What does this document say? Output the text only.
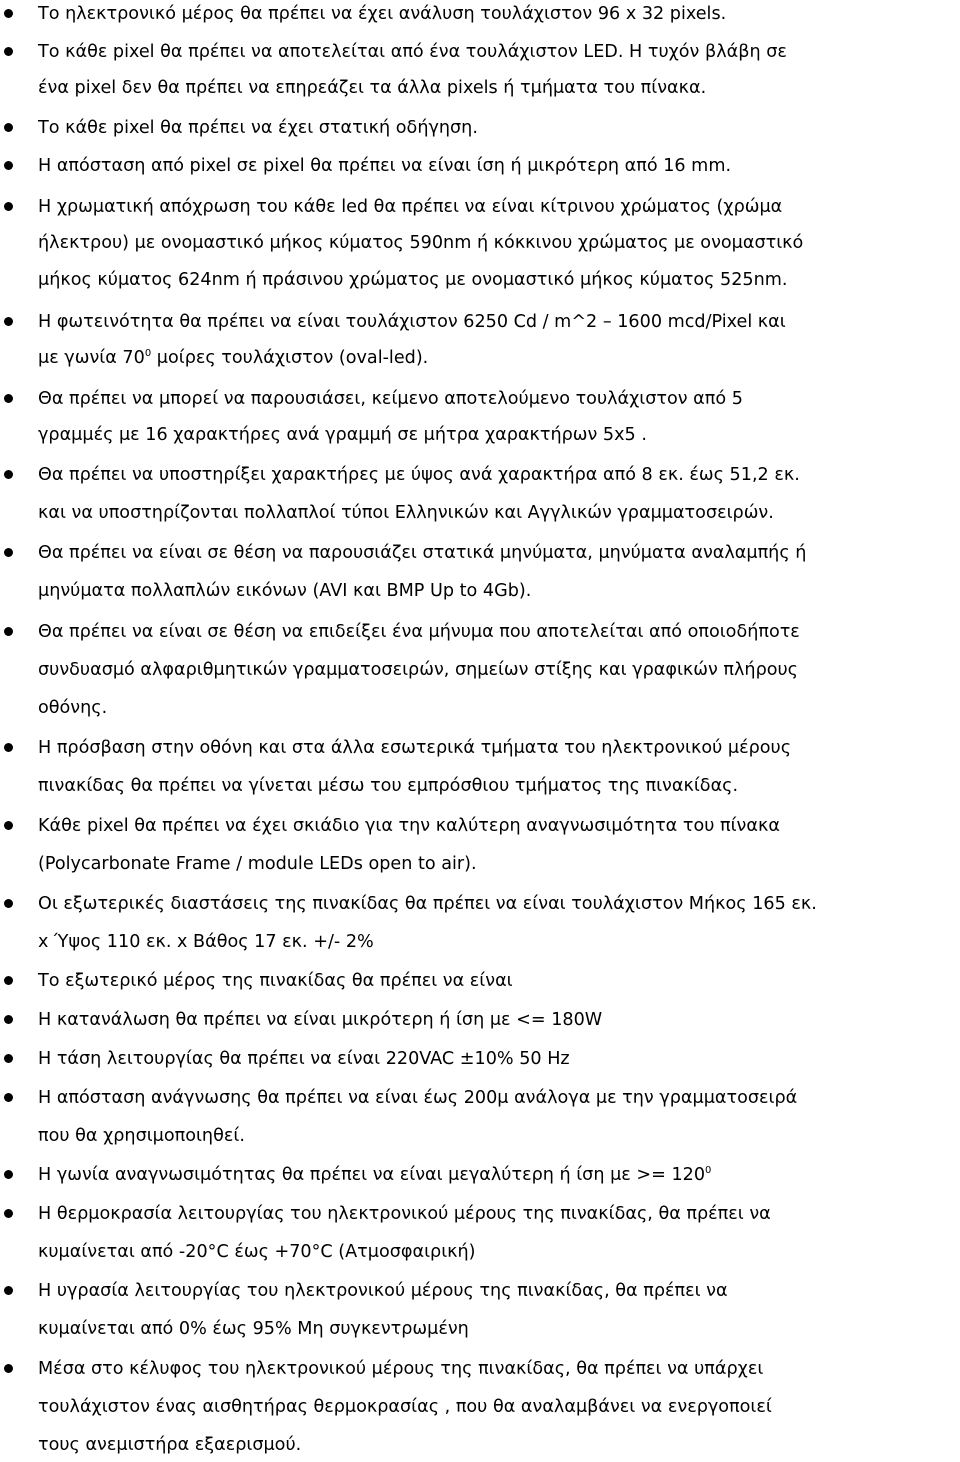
Το ηλεκτρονικό μέρος θα πρέπει να έχει ανάλυση τουλάχιστον 96 x 32 pixels.
Το κάθε pixel θα πρέπει να αποτελείται από ένα τουλάχιστον LED. Η τυχόν βλάβη σε
ένα pixel δεν θα πρέπει να επηρεάζει τα άλλα pixels ή τμήματα του πίνακα.
Το κάθε pixel θα πρέπει να έχει στατική οδήγηση.
Η απόσταση από pixel σε pixel θα πρέπει να είναι ίση ή μικρότερη από 16 mm.
Η χρωματική απόχρωση του κάθε led θα πρέπει να είναι κίτρινου χρώματος (χρώμα
ήλεκτρου) με ονομαστικό μήκος κύματος 590nm ή κόκκινου χρώματος με ονομαστικό
μήκος κύματος 624nm ή πράσινου χρώματος με ονομαστικό μήκος κύματος 525nm.
Η φωτεινότητα θα πρέπει να είναι τουλάχιστον 6250 Cd / m^2 – 1600 mcd/Pixel και
με γωνία $70^0$ μοίρες τουλάχιστον (oval-led).
Θα πρέπει να μπορεί να παρουσιάσει, κείμενο αποτελούμενο τουλάχιστον από 5
γραμμές με 16 χαρακτήρες ανά γραμμή σε μήτρα χαρακτήρων 5x5 .
Θα πρέπει να υποστηρίξει χαρακτήρες με ύψος ανά χαρακτήρα από 8 εκ. έως 51,2 εκ.
και να υποστηρίζονται πολλαπλοί τύποι Ελληνικών και Αγγλικών γραμματοσειρών.
Θα πρέπει να είναι σε θέση να παρουσιάζει στατικά μηνύματα, μηνύματα αναλαμπής ή
μηνύματα πολλαπλών εικόνων (AVI και BMP Up to 4Gb).
Θα πρέπει να είναι σε θέση να επιδείξει ένα μήνυμα που αποτελείται από οποιοδήποτε
συνδυασμό αλφαριθμητικών γραμματοσειρών, σημείων στίξης και γραφικών πλήρους
οθόνης.
Η πρόσβαση στην οθόνη και στα άλλα εσωτερικά τμήματα του ηλεκτρονικού μέρους
πινακίδας θα πρέπει να γίνεται μέσω του εμπρόσθιου τμήματος της πινακίδας.
Κάθε pixel θα πρέπει να έχει σκιάδιο για την καλύτερη αναγνωσιμότητα του πίνακα
(Polycarbonate Frame / module LEDs open to air).
Οι εξωτερικές διαστάσεις της πινακίδας θα πρέπει να είναι τουλάχιστον Μήκος 165 εκ.
x Ύψος 110 εκ. x Βάθος 17 εκ. +/- 2%
Το εξωτερικό μέρος της πινακίδας θα πρέπει να είναι
Η κατανάλωση θα πρέπει να είναι μικρότερη ή ίση με <= 180W
Η τάση λειτουργίας θα πρέπει να είναι 220VAC ±10% 50 Hz
Η απόσταση ανάγνωσης θα πρέπει να είναι έως 200μ ανάλογα με την γραμματοσειρά
που θα χρησιμοποιηθεί.
Η γωνία αναγνωσιμότητας θα πρέπει να είναι μεγαλύτερη ή ίση $\mu\varepsilon >= 120^0$
Η θερμοκρασία λειτουργίας του ηλεκτρονικού μέρους της πινακίδας, θα πρέπει να
κυμαίνεται από -20°C έως +70°C (Ατμοσφαιρική)
Η υγρασία λειτουργίας του ηλεκτρονικού μέρους της πινακίδας, θα πρέπει να
κυμαίνεται από 0% έως 95% Μη συγκεντρωμένη
Μέσα στο κέλυφος του ηλεκτρονικού μέρους της πινακίδας, θα πρέπει να υπάρχει
τουλάχιστον ένας αισθητήρας θερμοκρασίας , που θα αναλαμβάνει να ενεργοποιεί
τους ανεμιστήρα εξαερισμού.
